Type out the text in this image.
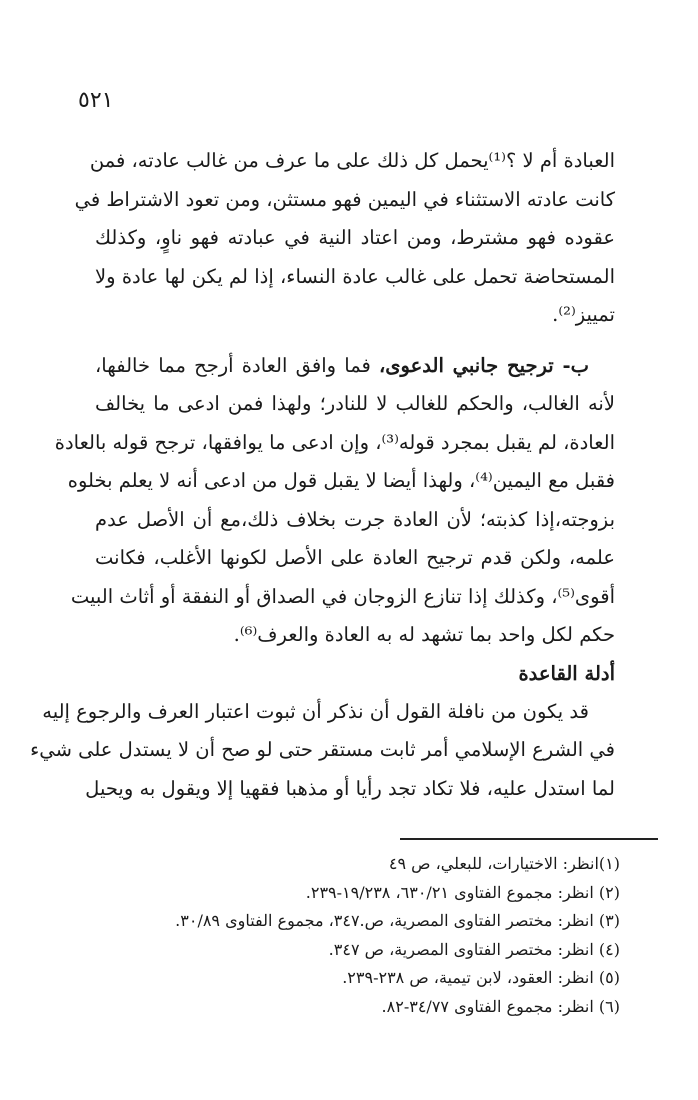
٥٢١
العبادة أم لا ؟⁽¹⁾يحمل كل ذلك على ما عرف من غالب عادته، فمن
كانت عادته الاستثناء في اليمين فهو مستثن، ومن تعود الاشتراط في
عقوده فهو مشترط، ومن اعتاد النية في عبادته فهو ناوٍ، وكذلك
المستحاضة تحمل على غالب عادة النساء، إذا لم يكن لها عادة ولا
تمييز⁽²⁾.
ب- ترجيح جانبي الدعوى، فما وافق العادة أرجح مما خالفها،
لأنه الغالب، والحكم للغالب لا للنادر؛ ولهذا فمن ادعى ما يخالف
العادة، لم يقبل بمجرد قوله⁽³⁾، وإن ادعى ما يوافقها، ترجح قوله بالعادة
فقبل مع اليمين⁽⁴⁾، ولهذا أيضا لا يقبل قول من ادعى أنه لا يعلم بخلوه
بزوجته،إذا كذبته؛ لأن العادة جرت بخلاف ذلك،مع أن الأصل عدم
علمه، ولكن قدم ترجيح العادة على الأصل لكونها الأغلب، فكانت
أقوى⁽⁵⁾، وكذلك إذا تنازع الزوجان في الصداق أو النفقة أو أثاث البيت
حكم لكل واحد بما تشهد له به العادة والعرف⁽⁶⁾.
أدلة القاعدة
قد يكون من نافلة القول أن نذكر أن ثبوت اعتبار العرف والرجوع إليه
في الشرع الإسلامي أمر ثابت مستقر حتى لو صح أن لا يستدل على شيء
لما استدل عليه، فلا تكاد تجد رأيا أو مذهبا فقهيا إلا ويقول به ويحيل
(١)انظر: الاختيارات، للبعلي، ص ٤٩
(٢) انظر: مجموع الفتاوى ٦٣٠/٢١، ١٩/٢٣٨-٢٣٩.
(٣) انظر: مختصر الفتاوى المصرية، ص.٣٤٧، مجموع الفتاوى ٣٠/٨٩.
(٤) انظر: مختصر الفتاوى المصرية، ص ٣٤٧.
(٥) انظر: العقود، لابن تيمية، ص ٢٣٨-٢٣٩.
(٦) انظر: مجموع الفتاوى ٣٤/٧٧-٨٢.
